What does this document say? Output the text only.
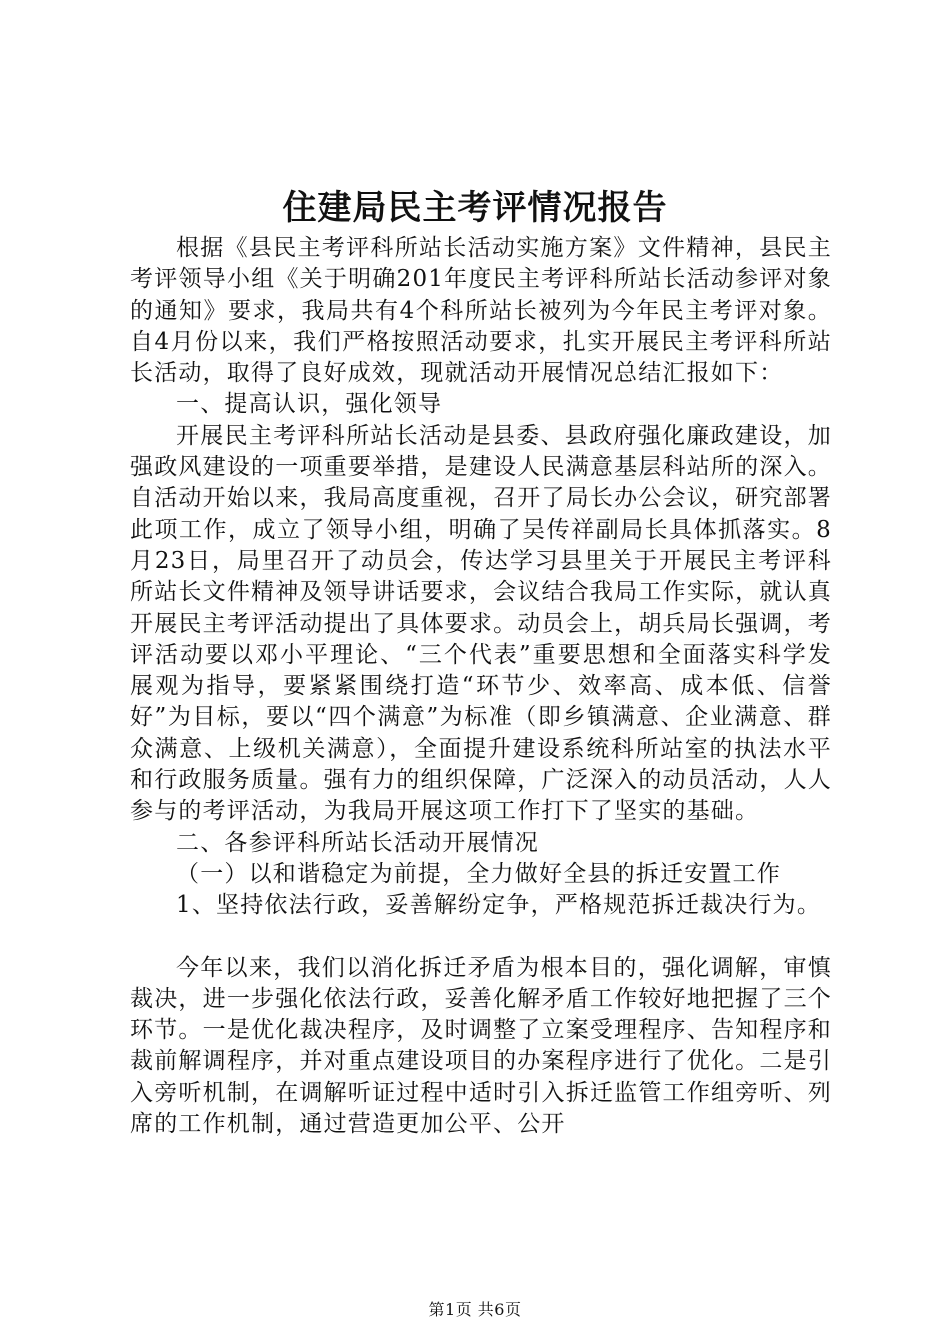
住建局民主考评情况报告

根据《县民主考评科所站长活动实施方案》文件精神，县民主考评领导小组《关于明确201年度民主考评科所站长活动参评对象的通知》要求，我局共有4个科所站长被列为今年民主考评对象。自4月份以来，我们严格按照活动要求，扎实开展民主考评科所站长活动，取得了良好成效，现就活动开展情况总结汇报如下：

一、提高认识，强化领导

开展民主考评科所站长活动是县委、县政府强化廉政建设，加强政风建设的一项重要举措，是建设人民满意基层科站所的深入。自活动开始以来，我局高度重视，召开了局长办公会议，研究部署此项工作，成立了领导小组，明确了吴传祥副局长具体抓落实。8月23日，局里召开了动员会，传达学习县里关于开展民主考评科所站长文件精神及领导讲话要求，会议结合我局工作实际，就认真开展民主考评活动提出了具体要求。动员会上，胡兵局长强调，考评活动要以邓小平理论、“三个代表”重要思想和全面落实科学发展观为指导，要紧紧围绕打造“环节少、效率高、成本低、信誉好”为目标，要以“四个满意”为标准（即乡镇满意、企业满意、群众满意、上级机关满意），全面提升建设系统科所站室的执法水平和行政服务质量。强有力的组织保障，广泛深入的动员活动，人人参与的考评活动，为我局开展这项工作打下了坚实的基础。

二、各参评科所站长活动开展情况

（一）以和谐稳定为前提，全力做好全县的拆迁安置工作

1、坚持依法行政，妥善解纷定争，严格规范拆迁裁决行为。

今年以来，我们以消化拆迁矛盾为根本目的，强化调解，审慎裁决，进一步强化依法行政，妥善化解矛盾工作较好地把握了三个环节。一是优化裁决程序，及时调整了立案受理程序、告知程序和裁前解调程序，并对重点建设项目的办案程序进行了优化。二是引入旁听机制，在调解听证过程中适时引入拆迁监管工作组旁听、列席的工作机制，通过营造更加公平、公开

第1页 共6页
